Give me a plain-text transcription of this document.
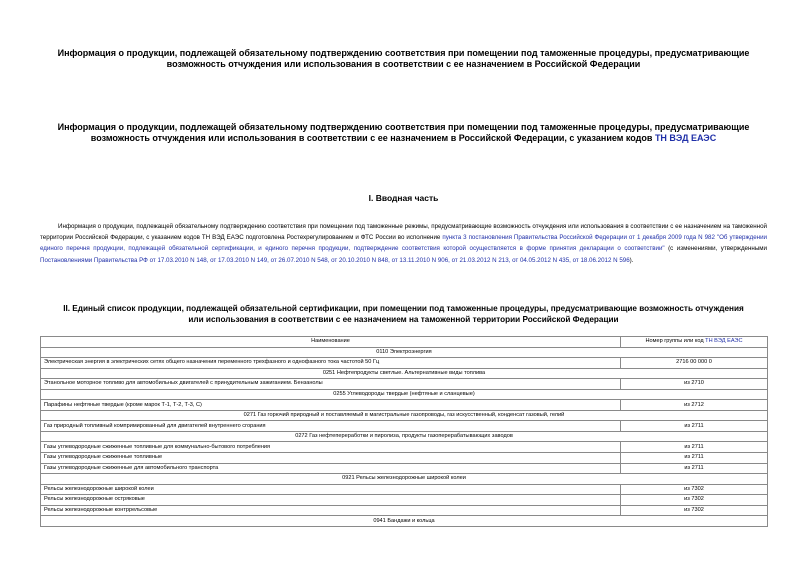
Информация о продукции, подлежащей обязательному подтверждению соответствия при помещении под таможенные процедуры, предусматривающие возможность отчуждения или использования в соответствии с ее назначением в Российской Федерации
Информация о продукции, подлежащей обязательному подтверждению соответствия при помещении под таможенные процедуры, предусматривающие возможность отчуждения или использования в соответствии с ее назначением в Российской Федерации, с указанием кодов ТН ВЭД ЕАЭС
I. Вводная часть
Информация о продукции, подлежащей обязательному подтверждению соответствия при помещении под таможенные режимы, предусматривающие возможность отчуждения или использования в соответствии с ее назначением на таможенной территории Российской Федерации, с указанием кодов ТН ВЭД ЕАЭС подготовлена Ростехрегулированием и ФТС России во исполнение пункта 3 постановления Правительства Российской Федерации от 1 декабря 2009 года N 982 "Об утверждении единого перечня продукции, подлежащей обязательной сертификации, и единого перечня продукции, подтверждение соответствия которой осуществляется в форме принятия декларации о соответствии" (с изменениями, утвержденными Постановлениями Правительства РФ от 17.03.2010 N 148, от 17.03.2010 N 149, от 26.07.2010 N 548, от 20.10.2010 N 848, от 13.11.2010 N 906, от 21.03.2012 N 213, от 04.05.2012 N 435, от 18.06.2012 N 596).
II. Единый список продукции, подлежащей обязательной сертификации, при помещении под таможенные процедуры, предусматривающие возможность отчуждения или использования в соответствии с ее назначением на таможенной территории Российской Федерации
Наименование	Номер группы или код ТН ВЭД ЕАЭС
0110 Электроэнергия	
Электрическая энергия в электрических сетях общего назначения переменного трехфазного и однофазного тока частотой 50 Гц	2716 00 000 0
0251 Нефтепродукты светлые. Альтернативные виды топлива	
Этанольное моторное топливо для автомобильных двигателей с принудительным зажиганием. Бензанолы	из 2710
0255 Углеводороды твердые (нефтяные и сланцевые)	
Парафины нефтяные твердые (кроме марок Т-1, Т-2, Т-3, С)	из 2712
0271 Газ горючий природный и поставляемый в магистральные газопроводы, газ искусственный, конденсат газовый, гелий	
Газ природный топливный компримированный для двигателей внутреннего сгорания	из 2711
0272 Газ нефтепереработки и пиролиза, продукты газоперерабатывающих заводов	
Газы углеводородные сжиженные топливные для коммунально-бытового потребления	из 2711
Газы углеводородные сжиженные топливные	из 2711
Газы углеводородные сжиженные для автомобильного транспорта	из 2711
0921 Рельсы железнодорожные широкой колеи	
Рельсы железнодорожные широкой колеи	из 7302
Рельсы железнодорожные остряковые	из 7302
Рельсы железнодорожные контррельсовые	из 7302
0941 Бандажи и кольца	
